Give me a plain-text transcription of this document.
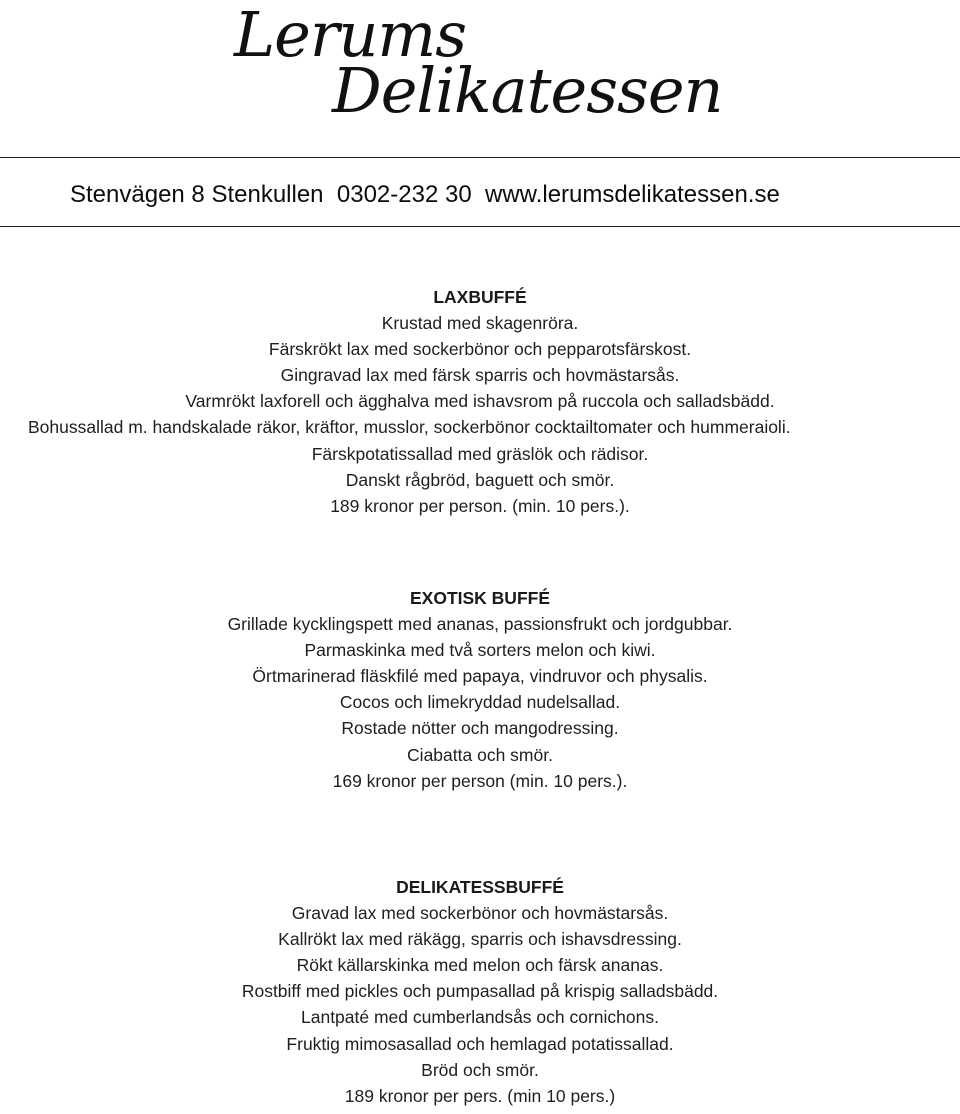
Lerums
Delikatessen
Stenvägen 8 Stenkullen 0302-232 30 www.lerumsdelikatessen.se
LAXBUFFÉ
Krustad med skagenröra.
Färskrökt lax med sockerbönor och pepparotsfärskost.
Gingravad lax med färsk sparris och hovmästarsås.
Varmrökt laxforell och ägghalva med ishavsrom på ruccola och salladsbädd.
Bohussallad m. handskalade räkor, kräftor, musslor, sockerbönor cocktailtomater och hummeraioli.
Färskpotatissallad med gräslök och rädisor.
Danskt rågbröd, baguett och smör.
189 kronor per person. (min. 10 pers.).
EXOTISK BUFFÉ
Grillade kycklingspett med ananas, passionsfrukt och jordgubbar.
Parmaskinka med två sorters melon och kiwi.
Örtmarinerad fläskfilé med papaya, vindruvor och physalis.
Cocos och limekryddad nudelsallad.
Rostade nötter och mangodressing.
Ciabatta och smör.
169 kronor per person (min. 10 pers.).
DELIKATESSBUFFÉ
Gravad lax med sockerbönor och hovmästarsås.
Kallrökt lax med räkägg, sparris och ishavsdressing.
Rökt källarskinka med melon och färsk ananas.
Rostbiff med pickles och pumpasallad på krispig salladsbädd.
Lantpaté med cumberlandsås och cornichons.
Fruktig mimosasallad och hemlagad potatissallad.
Bröd och smör.
189 kronor per pers. (min 10 pers.)
